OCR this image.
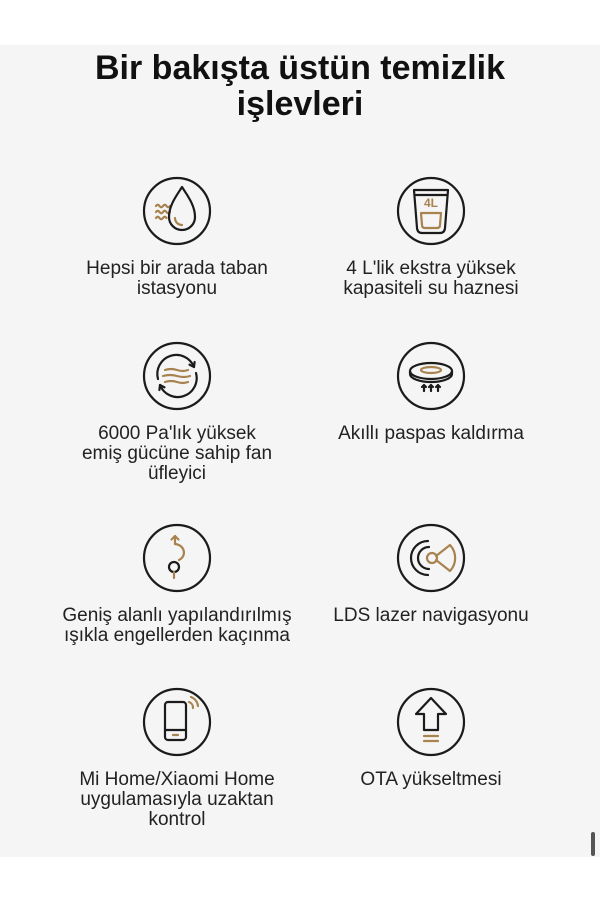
Bir bakışta üstün temizlik
işlevleri
Hepsi bir arada taban
istasyonu
4L
4 L'lik ekstra yüksek
kapasiteli su haznesi
6000 Pa'lık yüksek
emiş gücüne sahip fan
üfleyici
Akıllı paspas kaldırma
Geniş alanlı yapılandırılmış
ışıkla engellerden kaçınma
LDS lazer navigasyonu
Mi Home/Xiaomi Home
uygulamasıyla uzaktan
kontrol
OTA yükseltmesi
